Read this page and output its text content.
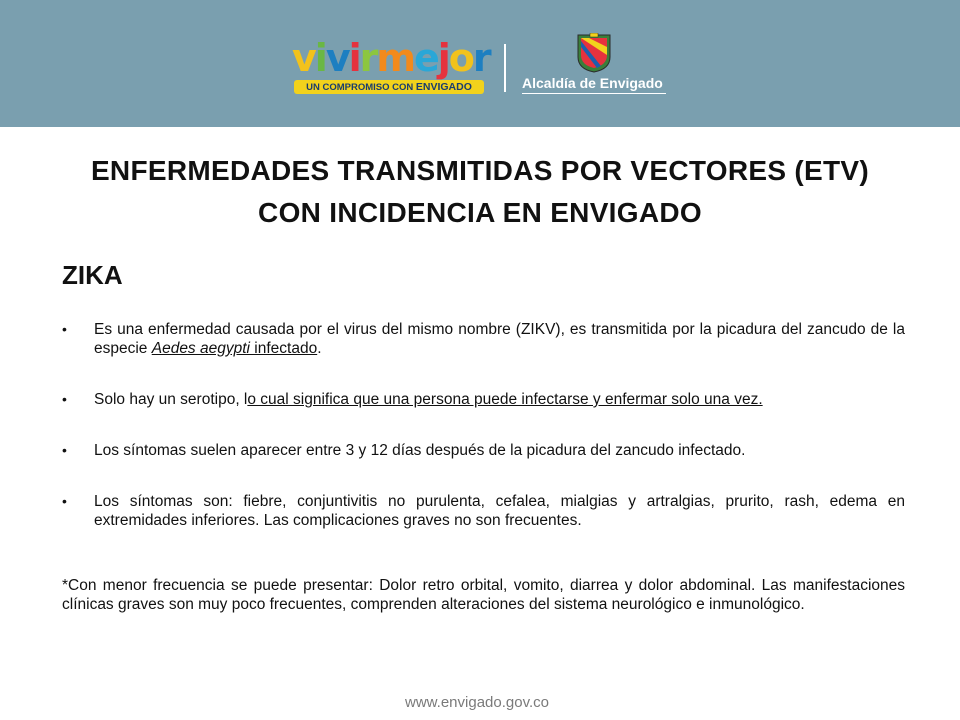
vivirmejor
UN COMPROMISO CON ENVIGADO	Alcaldía de Envigado
ENFERMEDADES TRANSMITIDAS POR VECTORES (ETV)
CON INCIDENCIA EN ENVIGADO
ZIKA
• Es una enfermedad causada por el virus del mismo nombre (ZIKV), es transmitida por la picadura del zancudo de la especie Aedes aegypti infectado.
• Solo hay un serotipo, lo cual significa que una persona puede infectarse y enfermar solo una vez.
• Los síntomas suelen aparecer entre 3 y 12 días después de la picadura del zancudo infectado.
• Los síntomas son: fiebre, conjuntivitis no purulenta, cefalea, mialgias y artralgias, prurito, rash, edema en extremidades inferiores. Las complicaciones graves no son frecuentes.
*Con menor frecuencia se puede presentar: Dolor retro orbital, vomito, diarrea y dolor abdominal. Las manifestaciones clínicas graves son muy poco frecuentes, comprenden alteraciones del sistema neurológico e inmunológico.
www.envigado.gov.co
